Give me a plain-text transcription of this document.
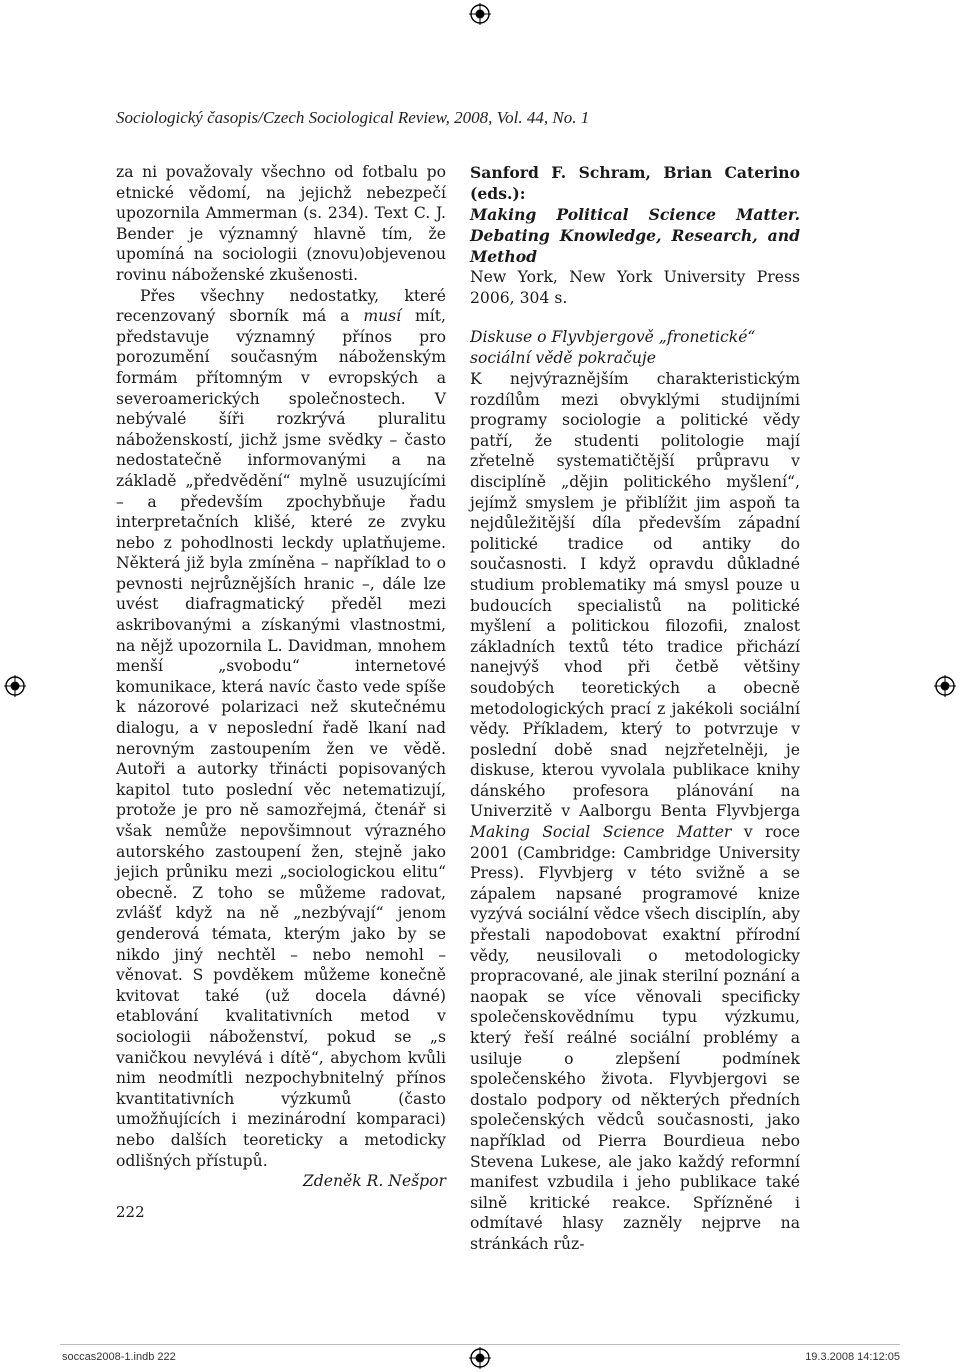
Sociologický časopis/Czech Sociological Review, 2008, Vol. 44, No. 1

za ni považovaly všechno od fotbalu po etnické vědomí, na jejichž nebezpečí upozornila Ammerman (s. 234). Text C. J. Bender je významný hlavně tím, že upomíná na sociologii (znovu)objevenou rovinu náboženské zkušenosti.

Přes všechny nedostatky, které recenzovaný sborník má a musí mít, představuje významný přínos pro porozumění současným náboženským formám přítomným v evropských a severoamerických společnostech. V nebývalé šíři rozkrývá pluralitu náboženskostí, jichž jsme svědky – často nedostatečně informovanými a na základě „předvědění“ mylně usuzujícími – a především zpochybňuje řadu interpretačních klišé, které ze zvyku nebo z pohodlnosti leckdy uplatňujeme. Některá již byla zmíněna – například to o pevnosti nejrůznějších hranic –, dále lze uvést diafragmatický předěl mezi askribovanými a získanými vlastnostmi, na nějž upozornila L. Davidman, mnohem menší „svobodu“ internetové komunikace, která navíc často vede spíše k názorové polarizaci než skutečnému dialogu, a v neposlední řadě lkaní nad nerovným zastoupením žen ve vědě. Autoři a autorky třinácti popisovaných kapitol tuto poslední věc netematizují, protože je pro ně samozřejmá, čtenář si však nemůže nepovšimnout výrazného autorského zastoupení žen, stejně jako jejich průniku mezi „sociologickou elitu“ obecně. Z toho se můžeme radovat, zvlášť když na ně „nezbývají“ jenom genderová témata, kterým jako by se nikdo jiný nechtěl – nebo nemohl – věnovat. S povděkem můžeme konečně kvitovat také (už docela dávné) etablování kvalitativních metod v sociologii náboženství, pokud se „s vaničkou nevylévá i dítě“, abychom kvůli nim neodmítli nezpochybnitelný přínos kvantitativních výzkumů (často umožňujících i mezinárodní komparaci) nebo dalších teoreticky a metodicky odlišných přístupů.

Zdeněk R. Nešpor

Sanford F. Schram, Brian Caterino (eds.):
Making Political Science Matter. Debating Knowledge, Research, and Method
New York, New York University Press 2006, 304 s.

Diskuse o Flyvbjergově „fronetické“ sociální vědě pokračuje

K nejvýraznějším charakteristickým rozdílům mezi obvyklými studijními programy sociologie a politické vědy patří, že studenti politologie mají zřetelně systematičtější průpravu v disciplíně „dějin politického myšlení“, jejímž smyslem je přiblížit jim aspoň ta nejdůležitější díla především západní politické tradice od antiky do současnosti. I když opravdu důkladné studium problematiky má smysl pouze u budoucích specialistů na politické myšlení a politickou filozofii, znalost základních textů této tradice přichází nanejvýš vhod při četbě většiny soudobých teoretických a obecně metodologických prací z jakékoli sociální vědy. Příkladem, který to potvrzuje v poslední době snad nejzřetelněji, je diskuse, kterou vyvolala publikace knihy dánského profesora plánování na Univerzitě v Aalborgu Benta Flyvbjerga Making Social Science Matter v roce 2001 (Cambridge: Cambridge University Press). Flyvbjerg v této svižně a se zápalem napsané programové knize vyzývá sociální vědce všech disciplín, aby přestali napodobovat exaktní přírodní vědy, neusilovali o metodologicky propracované, ale jinak sterilní poznání a naopak se více věnovali specificky společenskovědnímu typu výzkumu, který řeší reálné sociální problémy a usiluje o zlepšení podmínek společenského života. Flyvbjergovi se dostalo podpory od některých předních společenských vědců současnosti, jako například od Pierra Bourdieua nebo Stevena Lukese, ale jako každý reformní manifest vzbudila i jeho publikace také silně kritické reakce. Spřízněné i odmítavé hlasy zazněly nejprve na stránkách růz-

222
soccas2008-1.indb 222	19.3.2008 14:12:05
